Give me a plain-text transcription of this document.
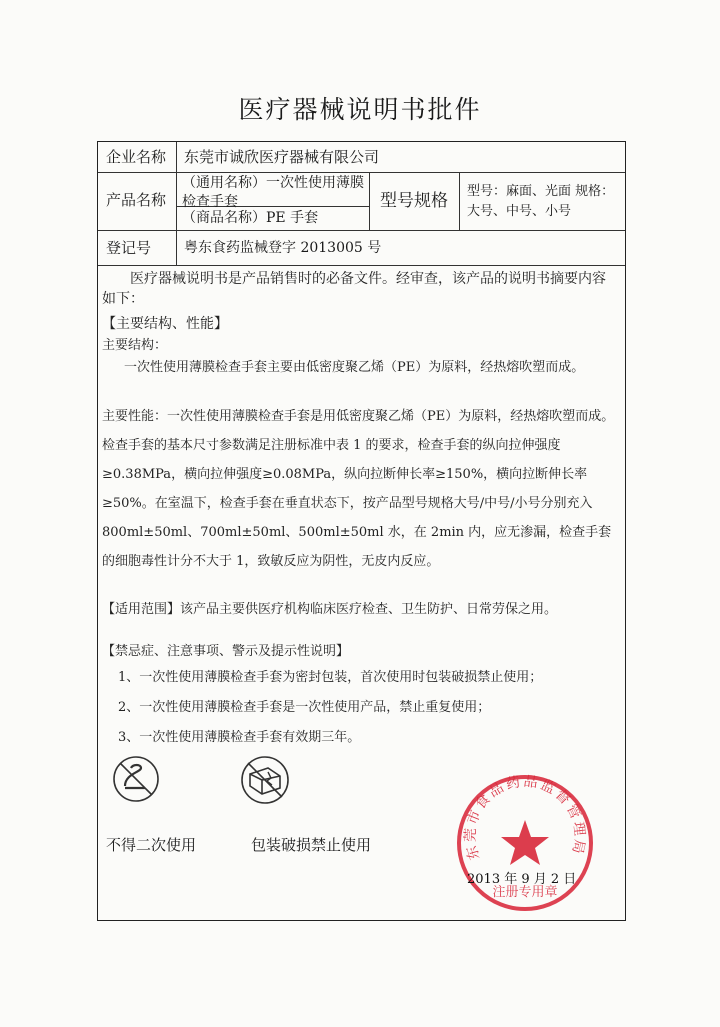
医疗器械说明书批件
企业名称 东莞市诚欣医疗器械有限公司
产品名称
（通用名称）一次性使用薄膜检查手套
（商品名称）PE 手套
型号规格 型号：麻面、光面 规格：大号、中号、小号
登记号 粤东食药监械登字 2013005 号
医疗器械说明书是产品销售时的必备文件。经审查，该产品的说明书摘要内容如下：
【主要结构、性能】
主要结构：
一次性使用薄膜检查手套主要由低密度聚乙烯（PE）为原料，经热熔吹塑而成。
主要性能：一次性使用薄膜检查手套是用低密度聚乙烯（PE）为原料，经热熔吹塑而成。检查手套的基本尺寸参数满足注册标准中表 1 的要求，检查手套的纵向拉伸强度≥0.38MPa，横向拉伸强度≥0.08MPa，纵向拉断伸长率≥150%，横向拉断伸长率≥50%。在室温下，检查手套在垂直状态下，按产品型号规格大号/中号/小号分别充入 800ml±50ml、700ml±50ml、500ml±50ml 水，在 2min 内，应无渗漏，检查手套的细胞毒性计分不大于 1，致敏反应为阴性，无皮内反应。
【适用范围】该产品主要供医疗机构临床医疗检查、卫生防护、日常劳保之用。
【禁忌症、注意事项、警示及提示性说明】
1、一次性使用薄膜检查手套为密封包装，首次使用时包装破损禁止使用；
2、一次性使用薄膜检查手套是一次性使用产品，禁止重复使用；
3、一次性使用薄膜检查手套有效期三年。
不得二次使用	包装破损禁止使用	东莞市食品药品监督管理局
注册专用章
2013 年 9 月 2 日
